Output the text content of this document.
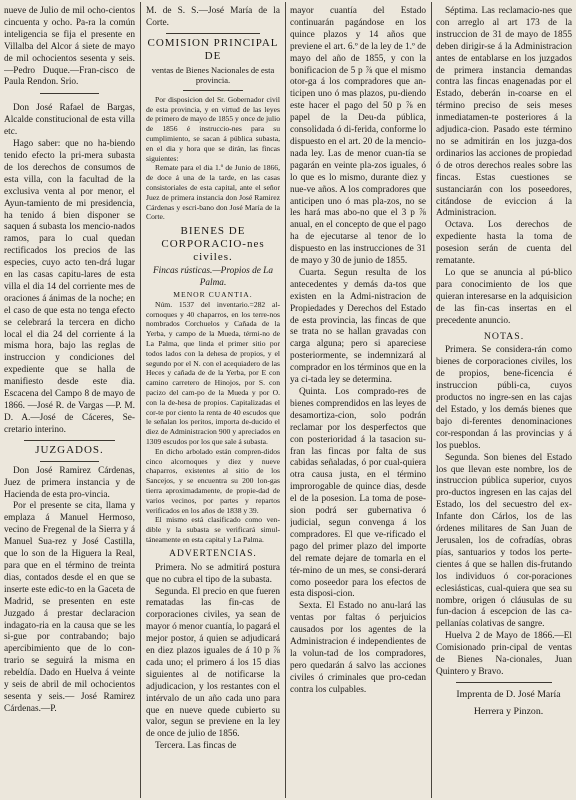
nueve de Julio de mil ocho-cientos cincuenta y ocho. Pa-ra la común inteligencia se fija el presente en Villalba del Alcor á siete de mayo de mil ochocientos sesenta y seis.—Pedro Duque.—Fran-cisco de Paula Rendon. Srio.

Don José Rafael de Bargas, Alcalde constitucional de esta villa etc.

Hago saber: que no ha-biendo tenido efecto la pri-mera subasta de los derechos de consumos de esta villa, con la facultad de la exclusiva venta al por menor, el Ayun-tamiento de mi presidencia, ha tenido á bien disponer se saquen á subasta los mencio-nados ramos, para lo cual quedan rectificados los precios de las especies, cuyo acto ten-drá lugar en las casas capitu-lares de esta villa el dia 14 del corriente mes de oraciones á ánimas de la noche; en el caso de que esta no tenga efecto se celebrará la tercera en dicho local el dia 24 del corriente á la misma hora, bajo las reglas de instruccion y condiciones del expediente que se halla de manifiesto desde este dia. Escacena del Campo 8 de mayo de 1866. —José R. de Vargas —P. M. D. A.—José de Cáceres, Se-cretario interino.

JUZGADOS.

Don José Ramirez Cárdenas, Juez de primera instancia y de Hacienda de esta pro-vincia.

Por el presente se cita, llama y emplaza á Manuel Hermoso, vecino de Fregenal de la Sierra y á Manuel Sua-rez y José Castilla, que lo son de la Higuera la Real, para que en el término de treinta dias, contados desde el en que se inserte este edic-to en la Gaceta de Madrid, se presenten en este Juzgado á prestar declaracion indagato-ria en la causa que se les si-gue por contrabando; bajo apercibimiento que de lo con-trario se seguirá la misma en rebeldía. Dado en Huelva á veinte y seis de abril de mil ochocientos sesenta y seis.— José Ramirez Cárdenas.—P.

M. de S. S.—José María de la Corte.

COMISION PRINCIPAL DE

ventas de Bienes Nacionales de esta provincia.

Por disposicion del Sr. Gobernador civil de esta provincia, y en virtud de las leyes de primero de mayo de 1855 y once de julio de 1856 é instruccio-nes para su cumplimiento, se sacan á pública subasta, en el dia y hora que se dirán, las fincas siguientes:

Remate para el dia 1.º de Junio de 1866, de doce á una de la tarde, en las casas consistoriales de esta capital, ante el señor Juez de primera instancia don José Ramirez Cárdenas y escri-bano don José María de la Corte.

BIENES DE CORPORACIO-nes civiles.

Fincas rústicas.—Propios de La Palma.

MENOR CUANTIA.

Núm. 1537 del inventario.=282 al-cornoques y 40 chaparros, en los terre-nos nombrados Corchuelos y Cañada de la Yerba, y campo de la Mueda, térmi-no de La Palma, que linda el primer sitio por todos lados con la dehesa de propios, y el segundo por el N. con el acequiadero de las Heces y cañada de de la Yerba, por E con camino carretero de Hinojos, por S. con pacizo del cam-po de la Mueda y por O. con la de-hesa de propios. Capitalizadas el cor-te por ciento la renta de 40 escudos que le señalan los peritos, importa de-ducido el diez de Administracion 900 y apreciados en 1309 escudos por los que sale á subasta.

En dicho arbolado están compren-didos cinco alcornoques y diez y nueve chaparros, existentes al sitio de los Sancejos, y se encuentra su 200 lon-gas tierra aproximadamente, de propie-dad de varios vecinos, por partes y repartos verificados en los años de 1838 y 39.

El mismo está clasificado como ven-dible y la subasta se verificará simul-táneamente en esta capital y La Palma.

ADVERTENCIAS.

Primera. No se admitirá postura que no cubra el tipo de la subasta.

Segunda. El precio en que fueren rematadas las fin-cas de corporaciones civiles, ya sean de mayor ó menor cuantía, lo pagará el mejor postor, á quien se adjudicará en diez plazos iguales de á 10 p ⅞ cada uno; el primero á los 15 dias siguientes al de notificarse la adjudicacion, y los restantes con el intérvalo de un año cada uno para que en nueve quede cubierto su valor, segun se previene en la ley de once de julio de 1856.

Tercera. Las fincas de

mayor cuantía del Estado continuarán pagándose en los quince plazos y 14 años que previene el art. 6.º de la ley de 1.º de mayo del año de 1855, y con la bonificacion de 5 p ⅞ que el mismo otor-ga á los compradores que an-ticipen uno ó mas plazos, pu-diendo este hacer el pago del 50 p ⅞ en papel de la Deu-da pública, consolidada ó di-ferida, conforme lo dispuesto en el art. 20 de la mencio-nada ley. Las de menor cuan-tía se pagarán en veinte pla-zos iguales, ó lo que es lo mismo, durante diez y nue-ve años. A los compradores que anticipen uno ó mas pla-zos, no se les hará mas abo-no que el 3 p ⅞ anual, en el concepto de que el pago ha de ejecutarse al tenor de lo dispuesto en las instrucciones de 31 de mayo y 30 de junio de 1855.

Cuarta. Segun resulta de los antecedentes y demás da-tos que existen en la Admi-nistracion de Propiedades y Derechos del Estado de esta provincia, las fincas de que se trata no se hallan gravadas con carga alguna; pero si apareciese posteriormente, se indemnizará al comprador en los términos que en la ya ci-tada ley se determina.

Quinta. Los comprado-res de bienes comprendidos en las leyes de desamortiza-cion, solo podrán reclamar por los desperfectos que con posterioridad á la tasacion su-fran las fincas por falta de sus cabidas señaladas, ó por cual-quiera otra causa justa, en el término improrogable de quince dias, desde el de la posesion. La toma de pose-sion podrá ser gubernativa ó judicial, segun convenga á los compradores. El que ve-rificado el pago del primer plazo del importe del remate dejare de tomarla en el tér-mino de un mes, se consi-derará como poseedor para los efectos de esta disposi-cion.

Sexta. El Estado no anu-lará las ventas por faltas ó perjuicios causados por los agentes de la Administracion é independientes de la volun-tad de los compradores, pero quedarán á salvo las acciones civiles ó criminales que pro-cedan contra los culpables.

Séptima. Las reclamacio-nes que con arreglo al art 173 de la instruccion de 31 de mayo de 1855 deben dirigir-se á la Administracion antes de entablarse en los juzgados de primera instancia demandas contra las fincas enagenadas por el Estado, deberán in-coarse en el término preciso de seis meses inmediatamen-te posteriores á la adjudica-cion. Pasado este término no se admitirán en los juzga-dos ordinarios las acciones de propiedad ó de otros derechos reales sobre las fincas. Estas cuestiones se sustanciarán con los poseedores, citándose de eviccion á la Administracion.

Octava. Los derechos de expediente hasta la toma de posesion serán de cuenta del rematante.

Lo que se anuncia al pú-blico para conocimiento de los que quieran interesarse en la adquisicion de las fin-cas insertas en el precedente anuncio.

NOTAS.

Primera. Se considera-rán como bienes de corporaciones civiles, los de propios, bene-ficencia é instruccion públi-ca, cuyos productos no ingre-sen en las cajas del Estado, y los demás bienes que bajo di-ferentes denominaciones cor-respondan á las provincias y á los pueblos.

Segunda. Son bienes del Estado los que llevan este nombre, los de instruccion pública superior, cuyos pro-ductos ingresen en las cajas del Estado, los del secuestro del ex-Infante don Cárlos, los de las órdenes militares de San Juan de Jerusalen, los de cofradías, obras pías, santuarios y todos los perte-cientes á que se hallen dis-frutando los individuos ó cor-poraciones eclesiásticas, cual-quiera que sea su nombre, origen ó cláusulas de su fun-dacion á escepcion de las ca-pellanías colativas de sangre.

Huelva 2 de Mayo de 1866.—El Comisionado prin-cipal de ventas de Bienes Na-cionales, Juan Quintero y Bravo.

Imprenta de D. José María

Herrera y Pinzon.
